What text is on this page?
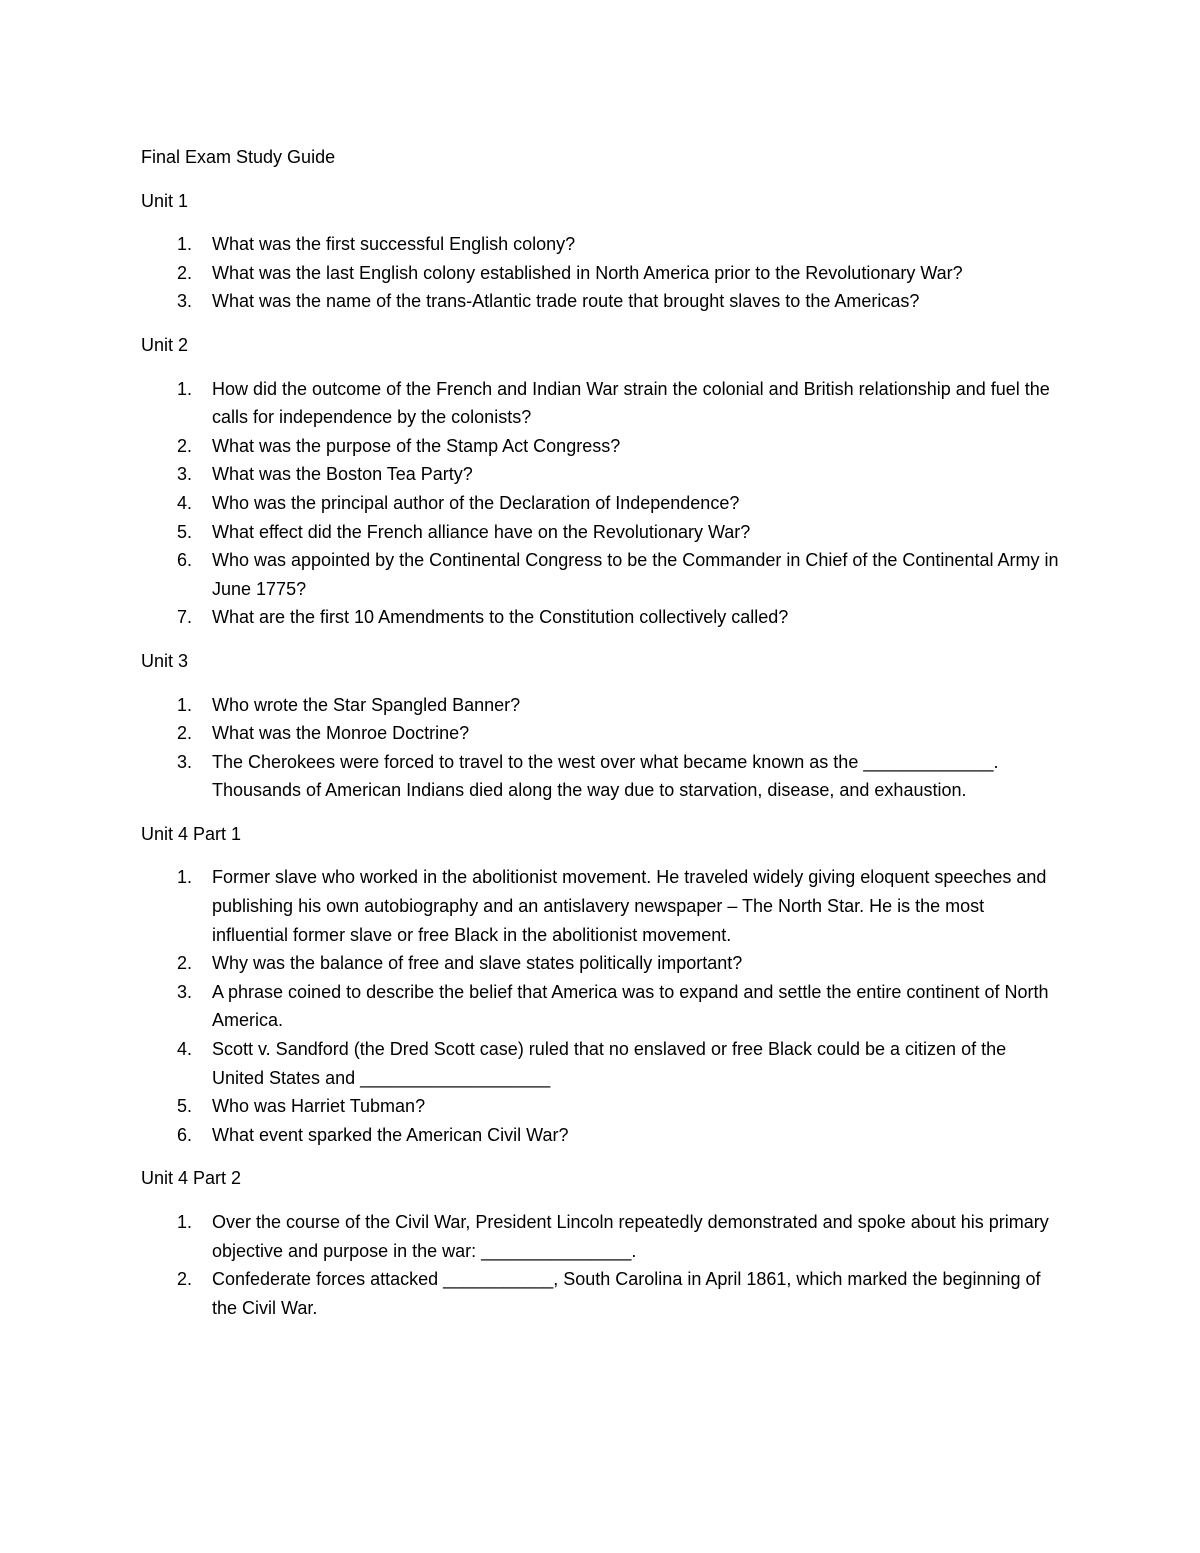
Final Exam Study Guide

Unit 1

1. What was the first successful English colony?
2. What was the last English colony established in North America prior to the Revolutionary War?
3. What was the name of the trans-Atlantic trade route that brought slaves to the Americas?

Unit 2

1. How did the outcome of the French and Indian War strain the colonial and British relationship and fuel the calls for independence by the colonists?
2. What was the purpose of the Stamp Act Congress?
3. What was the Boston Tea Party?
4. Who was the principal author of the Declaration of Independence?
5. What effect did the French alliance have on the Revolutionary War?
6. Who was appointed by the Continental Congress to be the Commander in Chief of the Continental Army in June 1775?
7. What are the first 10 Amendments to the Constitution collectively called?

Unit 3

1. Who wrote the Star Spangled Banner?
2. What was the Monroe Doctrine?
3. The Cherokees were forced to travel to the west over what became known as the _____________. Thousands of American Indians died along the way due to starvation, disease, and exhaustion.

Unit 4 Part 1

1. Former slave who worked in the abolitionist movement. He traveled widely giving eloquent speeches and publishing his own autobiography and an antislavery newspaper – The North Star. He is the most influential former slave or free Black in the abolitionist movement.
2. Why was the balance of free and slave states politically important?
3. A phrase coined to describe the belief that America was to expand and settle the entire continent of North America.
4. Scott v. Sandford (the Dred Scott case) ruled that no enslaved or free Black could be a citizen of the United States and ___________________
5. Who was Harriet Tubman?
6. What event sparked the American Civil War?

Unit 4 Part 2

1. Over the course of the Civil War, President Lincoln repeatedly demonstrated and spoke about his primary objective and purpose in the war: _______________.
2. Confederate forces attacked ___________, South Carolina in April 1861, which marked the beginning of the Civil War.
